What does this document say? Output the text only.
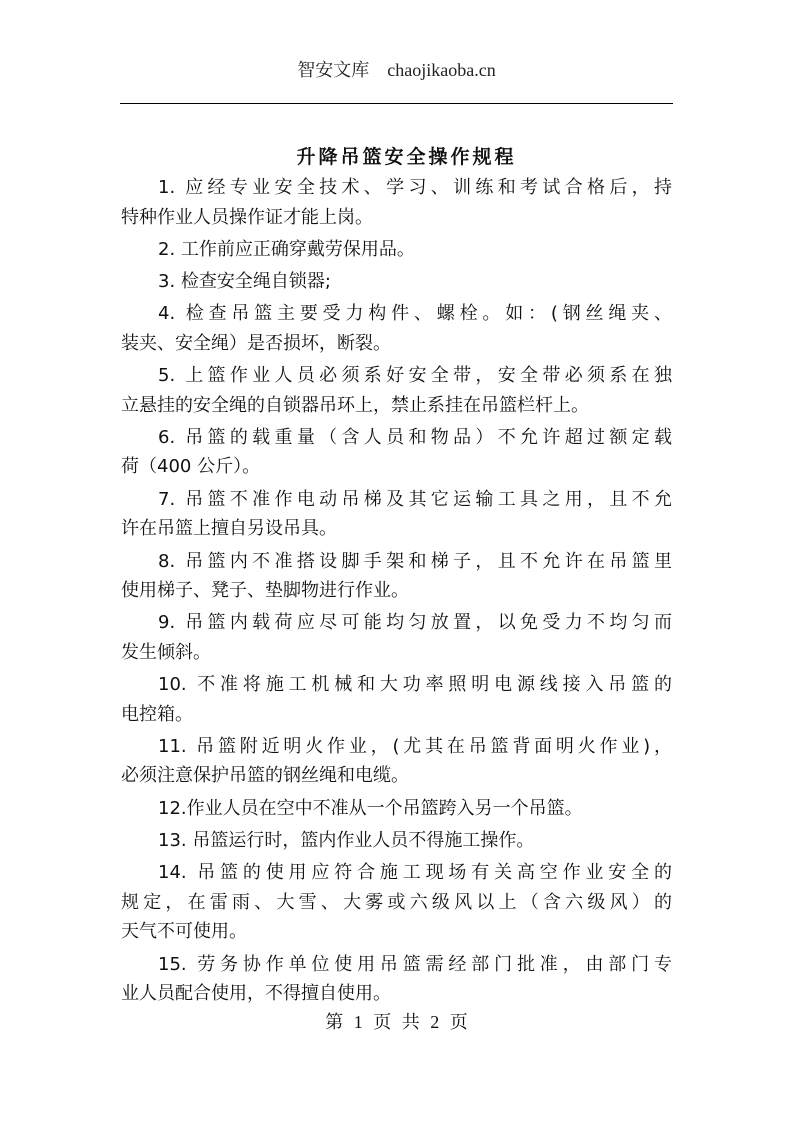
智安文库 chaojikaoba.cn
升降吊篮安全操作规程
1. 应经专业安全技术、学习、训练和考试合格后，持
特种作业人员操作证才能上岗。
2. 工作前应正确穿戴劳保用品。
3. 检查安全绳自锁器;
4. 检查吊篮主要受力构件、螺栓。如：(钢丝绳夹、
装夹、安全绳）是否损坏，断裂。
5. 上篮作业人员必须系好安全带，安全带必须系在独
立悬挂的安全绳的自锁器吊环上，禁止系挂在吊篮栏杆上。
6. 吊篮的载重量（含人员和物品）不允许超过额定载
荷（400 公斤）。
7. 吊篮不准作电动吊梯及其它运输工具之用，且不允
许在吊篮上擅自另设吊具。
8. 吊篮内不准搭设脚手架和梯子，且不允许在吊篮里
使用梯子、凳子、垫脚物进行作业。
9. 吊篮内载荷应尽可能均匀放置，以免受力不均匀而
发生倾斜。
10. 不准将施工机械和大功率照明电源线接入吊篮的
电控箱。
11. 吊篮附近明火作业，(尤其在吊篮背面明火作业)，
必须注意保护吊篮的钢丝绳和电缆。
12.作业人员在空中不准从一个吊篮跨入另一个吊篮。
13. 吊篮运行时，篮内作业人员不得施工操作。
14. 吊篮的使用应符合施工现场有关高空作业安全的
规定，在雷雨、大雪、大雾或六级风以上（含六级风）的
天气不可使用。
15. 劳务协作单位使用吊篮需经部门批准，由部门专
业人员配合使用，不得擅自使用。
第 1 页 共 2 页
